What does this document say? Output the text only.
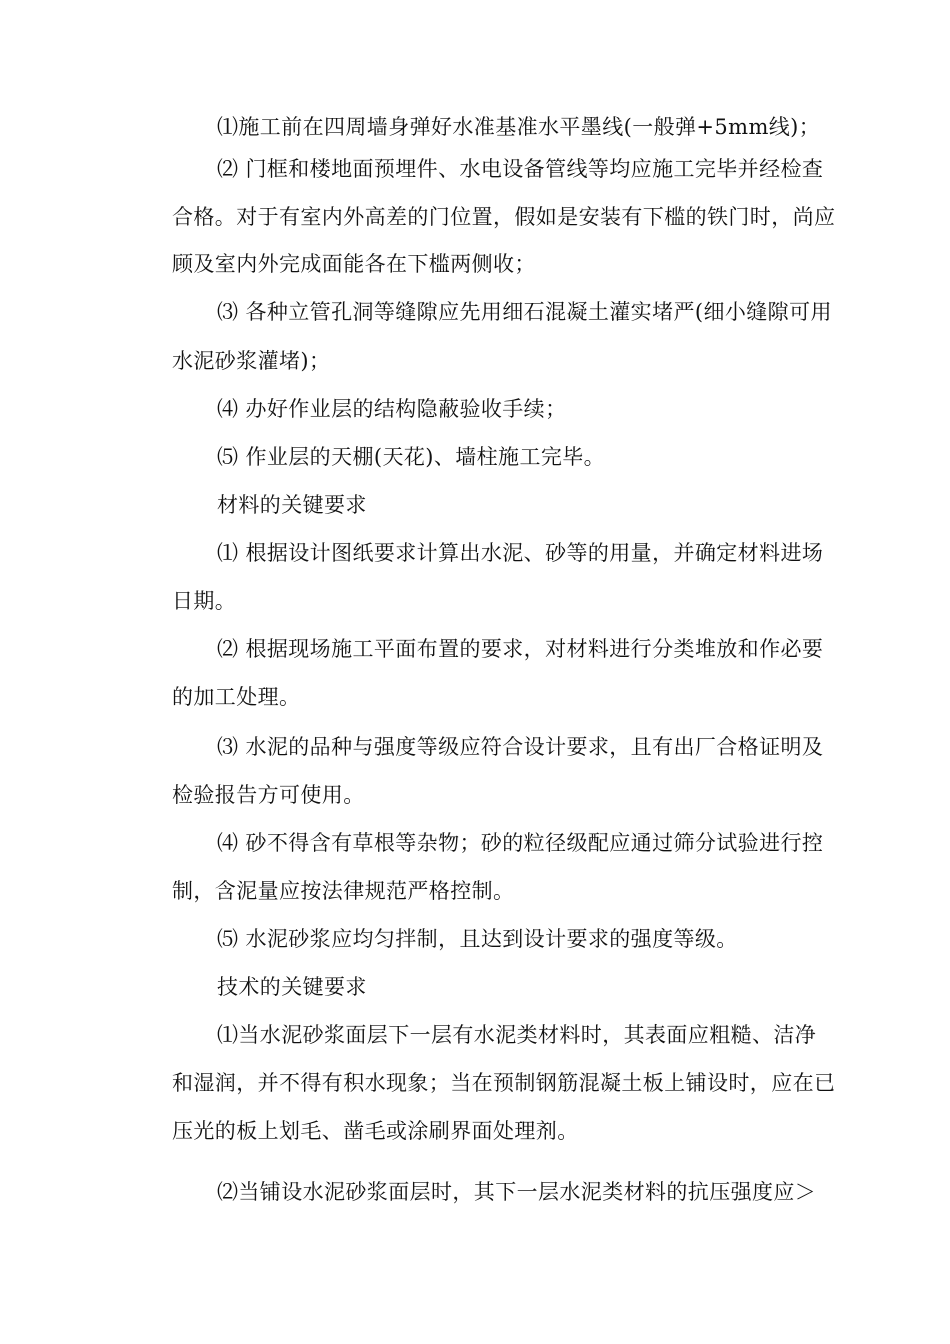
⑴施工前在四周墙身弹好水准基准水平墨线(一般弹+5mm线)；
⑵ 门框和楼地面预埋件、水电设备管线等均应施工完毕并经检查
合格。对于有室内外高差的门位置，假如是安装有下槛的铁门时，尚应
顾及室内外完成面能各在下槛两侧收；
⑶ 各种立管孔洞等缝隙应先用细石混凝土灌实堵严(细小缝隙可用
水泥砂浆灌堵)；
⑷ 办好作业层的结构隐蔽验收手续；
⑸ 作业层的天棚(天花)、墙柱施工完毕。
材料的关键要求
⑴ 根据设计图纸要求计算出水泥、砂等的用量，并确定材料进场
日期。
⑵ 根据现场施工平面布置的要求，对材料进行分类堆放和作必要
的加工处理。
⑶ 水泥的品种与强度等级应符合设计要求，且有出厂合格证明及
检验报告方可使用。
⑷ 砂不得含有草根等杂物；砂的粒径级配应通过筛分试验进行控
制，含泥量应按法律规范严格控制。
⑸ 水泥砂浆应均匀拌制，且达到设计要求的强度等级。
技术的关键要求
⑴当水泥砂浆面层下一层有水泥类材料时，其表面应粗糙、洁净
和湿润，并不得有积水现象；当在预制钢筋混凝土板上铺设时，应在已
压光的板上划毛、凿毛或涂刷界面处理剂。
⑵当铺设水泥砂浆面层时，其下一层水泥类材料的抗压强度应＞
